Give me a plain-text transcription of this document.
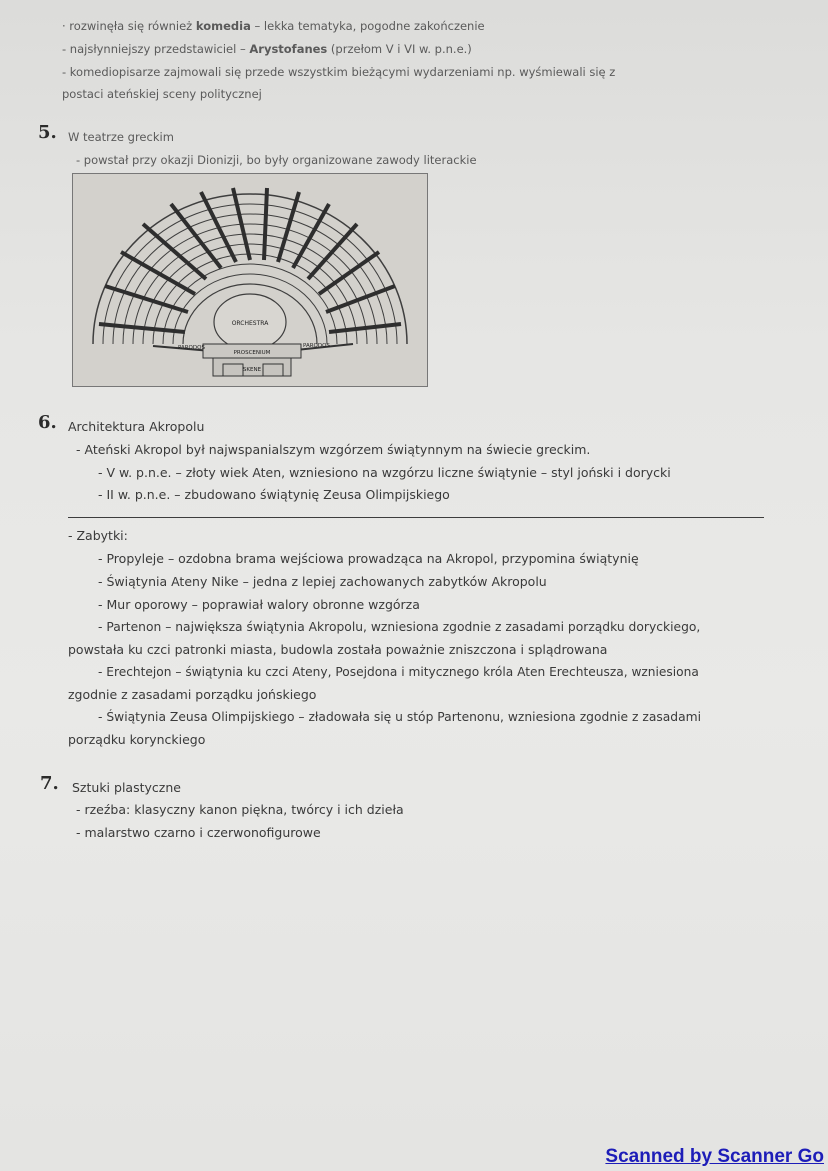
· rozwinęła się również komedia – lekka tematyka, pogodne zakończenie
- najsłynniejszy przedstawiciel – Arystofanes (przełom V i VI w. p.n.e.)
- komediopisarze zajmowali się przede wszystkim bieżącymi wydarzeniami np. wyśmiewali się z
postaci ateńskiej sceny politycznej
5. W teatrze greckim
- powstał przy okazji Dionizji, bo były organizowane zawody literackie
ORCHESTRA
PARODOS	PARODOS
PROSCENIUM
SKENE
6. Architektura Akropolu
- Ateński Akropol był najwspanialszym wzgórzem świątynnym na świecie greckim.
- V w. p.n.e. – złoty wiek Aten, wzniesiono na wzgórzu liczne świątynie – styl joński i dorycki
- II w. p.n.e. – zbudowano świątynię Zeusa Olimpijskiego
- Zabytki:
- Propyleje – ozdobna brama wejściowa prowadząca na Akropol, przypomina świątynię
- Świątynia Ateny Nike – jedna z lepiej zachowanych zabytków Akropolu
- Mur oporowy – poprawiał walory obronne wzgórza
- Partenon – największa świątynia Akropolu, wzniesiona zgodnie z zasadami porządku doryckiego,
powstała ku czci patronki miasta, budowla została poważnie zniszczona i splądrowana
- Erechtejon – świątynia ku czci Ateny, Posejdona i mitycznego króla Aten Erechteusza, wzniesiona
zgodnie z zasadami porządku jońskiego
- Świątynia Zeusa Olimpijskiego – zładowała się u stóp Partenonu, wzniesiona zgodnie z zasadami
porządku korynckiego
7. Sztuki plastyczne
- rzeźba: klasyczny kanon piękna, twórcy i ich dzieła
- malarstwo czarno i czerwonofigurowe
Scanned by Scanner Go
